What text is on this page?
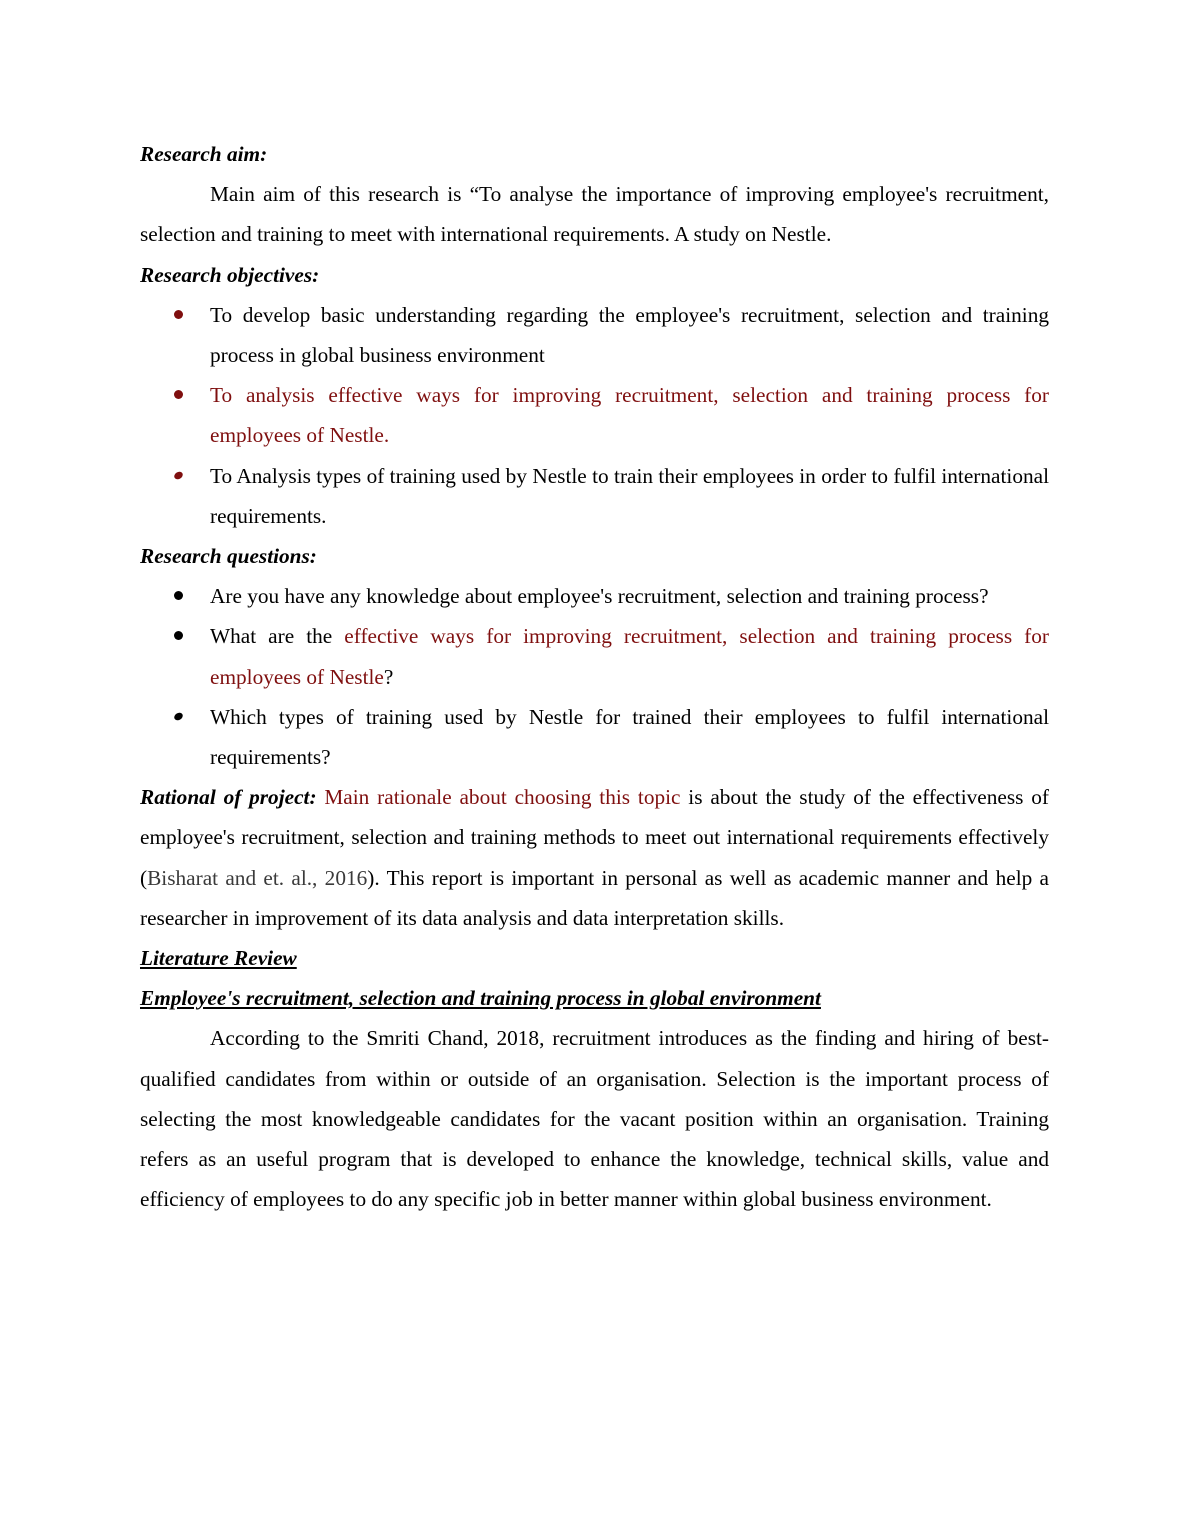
Research aim:

Main aim of this research is “To analyse the importance of improving employee's recruitment, selection and training to meet with international requirements. A study on Nestle.

Research objectives:

To develop basic understanding regarding the employee's recruitment, selection and training process in global business environment
To analysis effective ways for improving recruitment, selection and training process for employees of Nestle.
To Analysis types of training used by Nestle to train their employees in order to fulfil international requirements.

Research questions:

Are you have any knowledge about employee's recruitment, selection and training process?
What are the effective ways for improving recruitment, selection and training process for employees of Nestle?
Which types of training used by Nestle for trained their employees to fulfil international requirements?

Rational of project: Main rationale about choosing this topic is about the study of the effectiveness of employee's recruitment, selection and training methods to meet out international requirements effectively (Bisharat and et. al., 2016). This report is important in personal as well as academic manner and help a researcher in improvement of its data analysis and data interpretation skills.

Literature Review

Employee's recruitment, selection and training process in global environment

According to the Smriti Chand, 2018, recruitment introduces as the finding and hiring of best-qualified candidates from within or outside of an organisation. Selection is the important process of selecting the most knowledgeable candidates for the vacant position within an organisation. Training refers as an useful program that is developed to enhance the knowledge, technical skills, value and efficiency of employees to do any specific job in better manner within global business environment.
